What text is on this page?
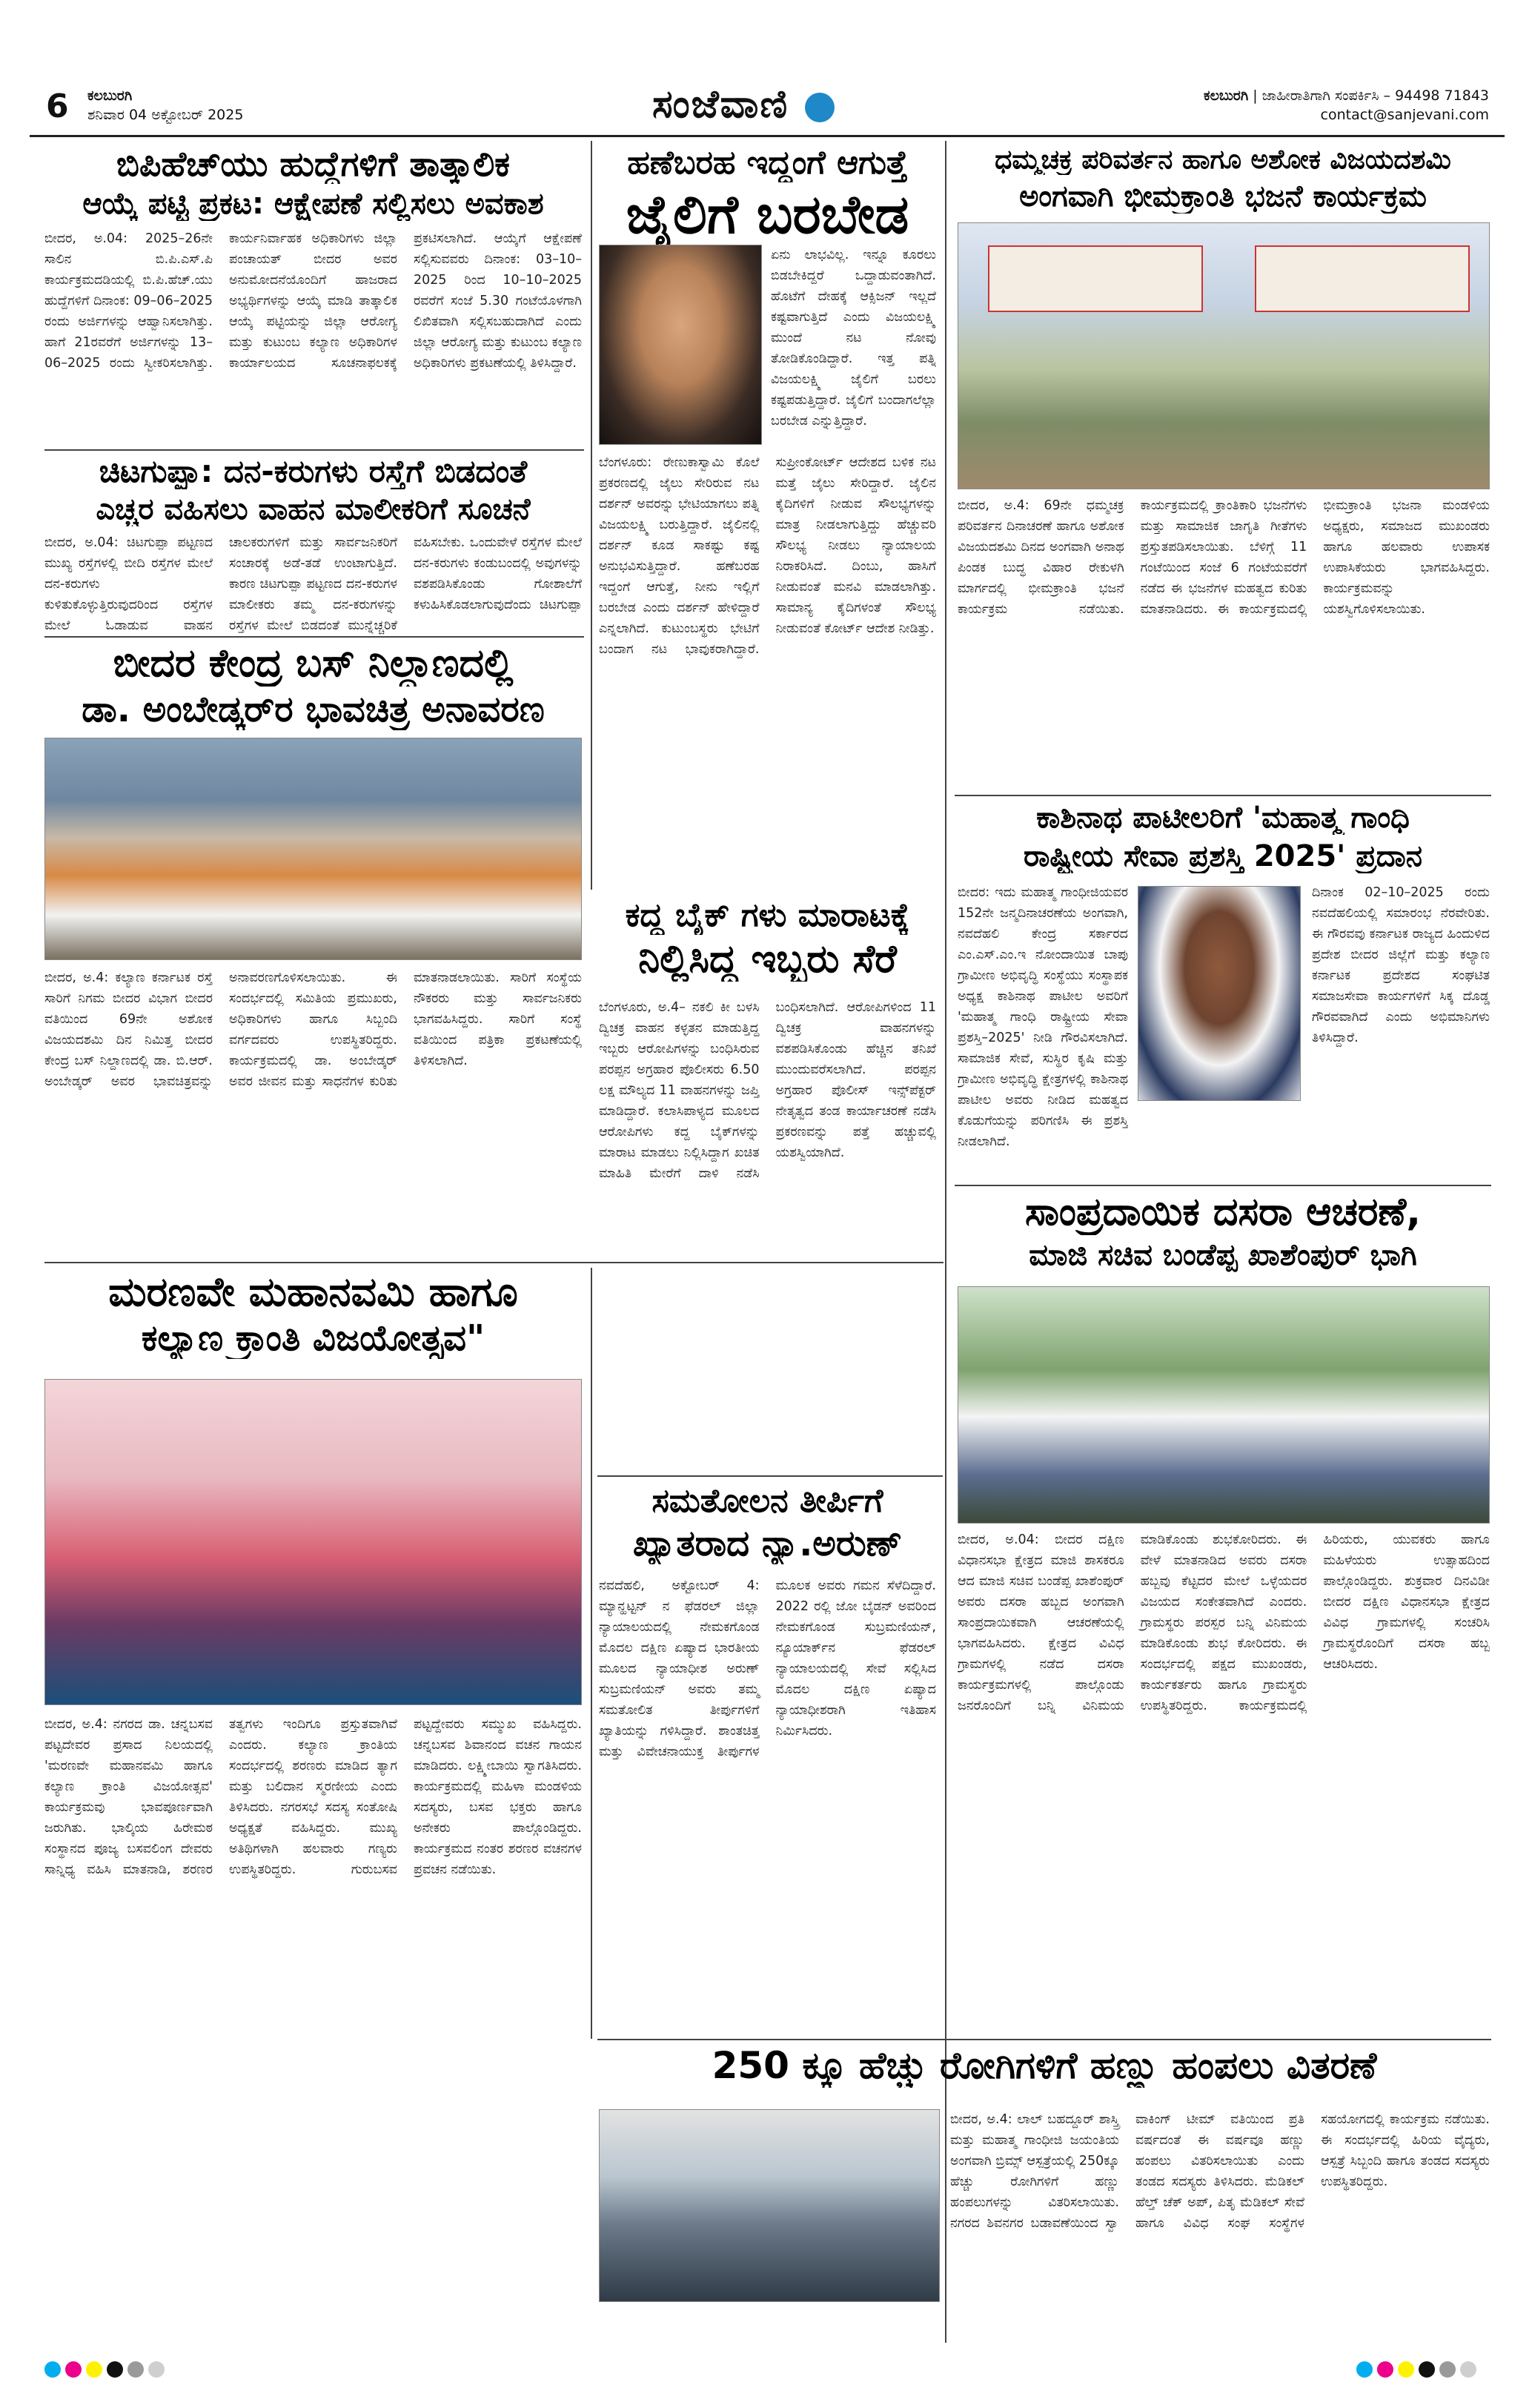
6 ಕಲಬುರಗಿ
ಶನಿವಾರ 04 ಅಕ್ಟೋಬರ್ 2025	ಸಂಜೆವಾಣಿ	ಕಲಬುರಗಿ | ಜಾಹೀರಾತಿಗಾಗಿ ಸಂಪರ್ಕಿಸಿ – 94498 71843
contact@sanjevani.com
ಬಿಪಿಹೆಚ್‌ಯು ಹುದ್ದೆಗಳಿಗೆ ತಾತ್ಕಾಲಿಕ
ಆಯ್ಕೆ ಪಟ್ಟಿ ಪ್ರಕಟ: ಆಕ್ಷೇಪಣೆ ಸಲ್ಲಿಸಲು ಅವಕಾಶ
ಬೀದರ, ಅ.04: 2025–26ನೇ ಸಾಲಿನ ಬಿ.ಪಿ.ಎಸ್.ಪಿ ಕಾರ್ಯಕ್ರಮದಡಿಯಲ್ಲಿ ಬಿ.ಪಿ.ಹೆಚ್.ಯು ಹುದ್ದೆಗಳಿಗೆ ದಿನಾಂಕ: 09–06–2025 ರಂದು ಅರ್ಜಿಗಳನ್ನು ಆಹ್ವಾನಿಸಲಾಗಿತ್ತು. ಹಾಗೆ 21ರವರೆಗೆ ಅರ್ಜಿಗಳನ್ನು 13–06–2025 ರಂದು ಸ್ವೀಕರಿಸಲಾಗಿತ್ತು. ಕಾರ್ಯನಿರ್ವಾಹಕ ಅಧಿಕಾರಿಗಳು ಜಿಲ್ಲಾ ಪಂಚಾಯತ್ ಬೀದರ ಅವರ ಅನುಮೋದನೆಯೊಂದಿಗೆ ಹಾಜರಾದ ಅಭ್ಯರ್ಥಿಗಳನ್ನು ಆಯ್ಕೆ ಮಾಡಿ ತಾತ್ಕಾಲಿಕ ಆಯ್ಕೆ ಪಟ್ಟಿಯನ್ನು ಜಿಲ್ಲಾ ಆರೋಗ್ಯ ಮತ್ತು ಕುಟುಂಬ ಕಲ್ಯಾಣ ಅಧಿಕಾರಿಗಳ ಕಾರ್ಯಾಲಯದ ಸೂಚನಾಫಲಕಕ್ಕೆ ಪ್ರಕಟಿಸಲಾಗಿದೆ. ಆಯ್ಕೆಗೆ ಆಕ್ಷೇಪಣೆ ಸಲ್ಲಿಸುವವರು ದಿನಾಂಕ: 03–10–2025 ರಿಂದ 10–10–2025 ರವರೆಗೆ ಸಂಜೆ 5.30 ಗಂಟೆಯೊಳಗಾಗಿ ಲಿಖಿತವಾಗಿ ಸಲ್ಲಿಸಬಹುದಾಗಿದೆ ಎಂದು ಜಿಲ್ಲಾ ಆರೋಗ್ಯ ಮತ್ತು ಕುಟುಂಬ ಕಲ್ಯಾಣ ಅಧಿಕಾರಿಗಳು ಪ್ರಕಟಣೆಯಲ್ಲಿ ತಿಳಿಸಿದ್ದಾರೆ.
ಚಿಟಗುಪ್ಪಾ: ದನ-ಕರುಗಳು ರಸ್ತೆಗೆ ಬಿಡದಂತೆ
ಎಚ್ಚರ ವಹಿಸಲು ವಾಹನ ಮಾಲೀಕರಿಗೆ ಸೂಚನೆ
ಬೀದರ, ಅ.04: ಚಿಟಗುಪ್ಪಾ ಪಟ್ಟಣದ ಮುಖ್ಯ ರಸ್ತೆಗಳಲ್ಲಿ ಬೀದಿ ರಸ್ತೆಗಳ ಮೇಲೆ ದನ-ಕರುಗಳು ಕುಳಿತುಕೊಳ್ಳುತ್ತಿರುವುದರಿಂದ ರಸ್ತೆಗಳ ಮೇಲೆ ಓಡಾಡುವ ವಾಹನ ಚಾಲಕರುಗಳಿಗೆ ಮತ್ತು ಸಾರ್ವಜನಿಕರಿಗೆ ಸಂಚಾರಕ್ಕೆ ಅಡೆ-ತಡೆ ಉಂಟಾಗುತ್ತಿದೆ. ಕಾರಣ ಚಿಟಗುಪ್ಪಾ ಪಟ್ಟಣದ ದನ-ಕರುಗಳ ಮಾಲೀಕರು ತಮ್ಮ ದನ-ಕರುಗಳನ್ನು ರಸ್ತೆಗಳ ಮೇಲೆ ಬಿಡದಂತೆ ಮುನ್ನೆಚ್ಚರಿಕೆ ವಹಿಸಬೇಕು. ಒಂದುವೇಳೆ ರಸ್ತೆಗಳ ಮೇಲೆ ದನ-ಕರುಗಳು ಕಂಡುಬಂದಲ್ಲಿ ಅವುಗಳನ್ನು ವಶಪಡಿಸಿಕೊಂಡು ಗೋಶಾಲೆಗೆ ಕಳುಹಿಸಿಕೊಡಲಾಗುವುದೆಂದು ಚಿಟಗುಪ್ಪಾ
ಹಣೆಬರಹ ಇದ್ದಂಗೆ ಆಗುತ್ತೆ
ಜೈಲಿಗೆ ಬರಬೇಡ
ಏನು ಲಾಭವಿಲ್ಲ. ಇನ್ನೂ ಕೂರಲು ಬಿಡಬೇಕಿದ್ದರೆ ಒದ್ದಾಡುವಂತಾಗಿದೆ. ಹೊಟೆಗೆ ದೇಹಕ್ಕೆ ಆಕ್ಸಿಜನ್ ಇಲ್ಲದೆ ಕಷ್ಟವಾಗುತ್ತಿದೆ ಎಂದು ವಿಜಯಲಕ್ಷ್ಮಿ ಮುಂದೆ ನಟ ನೋವು ತೋಡಿಕೊಂಡಿದ್ದಾರೆ. ಇತ್ತ ಪತ್ನಿ ವಿಜಯಲಕ್ಷ್ಮಿ ಜೈಲಿಗೆ ಬರಲು ಕಷ್ಟಪಡುತ್ತಿದ್ದಾರೆ. ಜೈಲಿಗೆ ಬಂದಾಗಲೆಲ್ಲಾ ಬರಬೇಡ ಎನ್ನುತ್ತಿದ್ದಾರೆ.
ಬೆಂಗಳೂರು: ರೇಣುಕಾಸ್ವಾಮಿ ಕೊಲೆ ಪ್ರಕರಣದಲ್ಲಿ ಜೈಲು ಸೇರಿರುವ ನಟ ದರ್ಶನ್ ಅವರನ್ನು ಭೇಟಿಯಾಗಲು ಪತ್ನಿ ವಿಜಯಲಕ್ಷ್ಮಿ ಬರುತ್ತಿದ್ದಾರೆ. ಜೈಲಿನಲ್ಲಿ ದರ್ಶನ್ ಕೂಡ ಸಾಕಷ್ಟು ಕಷ್ಟ ಅನುಭವಿಸುತ್ತಿದ್ದಾರೆ. ಹಣೆಬರಹ ಇದ್ದಂಗೆ ಆಗುತ್ತೆ, ನೀನು ಇಲ್ಲಿಗೆ ಬರಬೇಡ ಎಂದು ದರ್ಶನ್ ಹೇಳಿದ್ದಾರೆ ಎನ್ನಲಾಗಿದೆ. ಕುಟುಂಬಸ್ಥರು ಭೇಟಿಗೆ ಬಂದಾಗ ನಟ ಭಾವುಕರಾಗಿದ್ದಾರೆ. ಸುಪ್ರೀಂಕೋರ್ಟ್ ಆದೇಶದ ಬಳಿಕ ನಟ ಮತ್ತೆ ಜೈಲು ಸೇರಿದ್ದಾರೆ. ಜೈಲಿನ ಕೈದಿಗಳಿಗೆ ನೀಡುವ ಸೌಲಭ್ಯಗಳನ್ನು ಮಾತ್ರ ನೀಡಲಾಗುತ್ತಿದ್ದು ಹೆಚ್ಚುವರಿ ಸೌಲಭ್ಯ ನೀಡಲು ನ್ಯಾಯಾಲಯ ನಿರಾಕರಿಸಿದೆ. ದಿಂಬು, ಹಾಸಿಗೆ ನೀಡುವಂತೆ ಮನವಿ ಮಾಡಲಾಗಿತ್ತು. ಸಾಮಾನ್ಯ ಕೈದಿಗಳಂತೆ ಸೌಲಭ್ಯ ನೀಡುವಂತೆ ಕೋರ್ಟ್ ಆದೇಶ ನೀಡಿತ್ತು.
ಧಮ್ಮಚಕ್ರ ಪರಿವರ್ತನ ಹಾಗೂ ಅಶೋಕ ವಿಜಯದಶಮಿ
ಅಂಗವಾಗಿ ಭೀಮಕ್ರಾಂತಿ ಭಜನೆ ಕಾರ್ಯಕ್ರಮ
ಬೀದರ, ಅ.4: 69ನೇ ಧಮ್ಮಚಕ್ರ ಪರಿವರ್ತನ ದಿನಾಚರಣೆ ಹಾಗೂ ಅಶೋಕ ವಿಜಯದಶಮಿ ದಿನದ ಅಂಗವಾಗಿ ಅನಾಥ ಪಿಂಡಕ ಬುದ್ಧ ವಿಹಾರ ರೇಕುಳಗಿ ಮಾರ್ಗದಲ್ಲಿ ಭೀಮಕ್ರಾಂತಿ ಭಜನೆ ಕಾರ್ಯಕ್ರಮ ನಡೆಯಿತು. ಕಾರ್ಯಕ್ರಮದಲ್ಲಿ ಕ್ರಾಂತಿಕಾರಿ ಭಜನೆಗಳು ಮತ್ತು ಸಾಮಾಜಿಕ ಜಾಗೃತಿ ಗೀತೆಗಳು ಪ್ರಸ್ತುತಪಡಿಸಲಾಯಿತು. ಬೆಳಿಗ್ಗೆ 11 ಗಂಟೆಯಿಂದ ಸಂಜೆ 6 ಗಂಟೆಯವರೆಗೆ ನಡೆದ ಈ ಭಜನೆಗಳ ಮಹತ್ವದ ಕುರಿತು ಮಾತನಾಡಿದರು. ಈ ಕಾರ್ಯಕ್ರಮದಲ್ಲಿ ಭೀಮಕ್ರಾಂತಿ ಭಜನಾ ಮಂಡಳಿಯ ಅಧ್ಯಕ್ಷರು, ಸಮಾಜದ ಮುಖಂಡರು ಹಾಗೂ ಹಲವಾರು ಉಪಾಸಕ ಉಪಾಸಿಕೆಯರು ಭಾಗವಹಿಸಿದ್ದರು. ಕಾರ್ಯಕ್ರಮವನ್ನು ಯಶಸ್ವಿಗೊಳಿಸಲಾಯಿತು.
ಬೀದರ ಕೇಂದ್ರ ಬಸ್ ನಿಲ್ದಾಣದಲ್ಲಿ
ಡಾ. ಅಂಬೇಡ್ಕರ್‌ರ ಭಾವಚಿತ್ರ ಅನಾವರಣ
ಬೀದರ, ಅ.4: ಕಲ್ಯಾಣ ಕರ್ನಾಟಕ ರಸ್ತೆ ಸಾರಿಗೆ ನಿಗಮ ಬೀದರ ವಿಭಾಗ ಬೀದರ ವತಿಯಿಂದ 69ನೇ ಅಶೋಕ ವಿಜಯದಶಮಿ ದಿನ ನಿಮಿತ್ತ ಬೀದರ ಕೇಂದ್ರ ಬಸ್ ನಿಲ್ದಾಣದಲ್ಲಿ ಡಾ. ಬಿ.ಆರ್. ಅಂಬೇಡ್ಕರ್ ಅವರ ಭಾವಚಿತ್ರವನ್ನು ಅನಾವರಣಗೊಳಿಸಲಾಯಿತು. ಈ ಸಂದರ್ಭದಲ್ಲಿ ಸಮಿತಿಯ ಪ್ರಮುಖರು, ಅಧಿಕಾರಿಗಳು ಹಾಗೂ ಸಿಬ್ಬಂದಿ ವರ್ಗದವರು ಉಪಸ್ಥಿತರಿದ್ದರು. ಕಾರ್ಯಕ್ರಮದಲ್ಲಿ ಡಾ. ಅಂಬೇಡ್ಕರ್ ಅವರ ಜೀವನ ಮತ್ತು ಸಾಧನೆಗಳ ಕುರಿತು ಮಾತನಾಡಲಾಯಿತು. ಸಾರಿಗೆ ಸಂಸ್ಥೆಯ ನೌಕರರು ಮತ್ತು ಸಾರ್ವಜನಿಕರು ಭಾಗವಹಿಸಿದ್ದರು. ಸಾರಿಗೆ ಸಂಸ್ಥೆ ವತಿಯಿಂದ ಪತ್ರಿಕಾ ಪ್ರಕಟಣೆಯಲ್ಲಿ ತಿಳಿಸಲಾಗಿದೆ.
ಕದ್ದ ಬೈಕ್ ಗಳು ಮಾರಾಟಕ್ಕೆ
ನಿಲ್ಲಿಸಿದ್ದ ಇಬ್ಬರು ಸೆರೆ
ಬೆಂಗಳೂರು, ಅ.4– ನಕಲಿ ಕೀ ಬಳಸಿ ದ್ವಿಚಕ್ರ ವಾಹನ ಕಳ್ಳತನ ಮಾಡುತ್ತಿದ್ದ ಇಬ್ಬರು ಆರೋಪಿಗಳನ್ನು ಬಂಧಿಸಿರುವ ಪರಪ್ಪನ ಅಗ್ರಹಾರ ಪೊಲೀಸರು 6.50 ಲಕ್ಷ ಮೌಲ್ಯದ 11 ವಾಹನಗಳನ್ನು ಜಪ್ತಿ ಮಾಡಿದ್ದಾರೆ. ಕಲಾಸಿಪಾಳ್ಯದ ಮೂಲದ ಆರೋಪಿಗಳು ಕದ್ದ ಬೈಕ್‌ಗಳನ್ನು ಮಾರಾಟ ಮಾಡಲು ನಿಲ್ಲಿಸಿದ್ದಾಗ ಖಚಿತ ಮಾಹಿತಿ ಮೇರೆಗೆ ದಾಳಿ ನಡೆಸಿ ಬಂಧಿಸಲಾಗಿದೆ. ಆರೋಪಿಗಳಿಂದ 11 ದ್ವಿಚಕ್ರ ವಾಹನಗಳನ್ನು ವಶಪಡಿಸಿಕೊಂಡು ಹೆಚ್ಚಿನ ತನಿಖೆ ಮುಂದುವರೆಸಲಾಗಿದೆ. ಪರಪ್ಪನ ಅಗ್ರಹಾರ ಪೊಲೀಸ್ ಇನ್ಸ್‌ಪೆಕ್ಟರ್ ನೇತೃತ್ವದ ತಂಡ ಕಾರ್ಯಾಚರಣೆ ನಡೆಸಿ ಪ್ರಕರಣವನ್ನು ಪತ್ತೆ ಹಚ್ಚುವಲ್ಲಿ ಯಶಸ್ವಿಯಾಗಿದೆ.
ಕಾಶಿನಾಥ ಪಾಟೀಲರಿಗೆ 'ಮಹಾತ್ಮ ಗಾಂಧಿ
ರಾಷ್ಟ್ರೀಯ ಸೇವಾ ಪ್ರಶಸ್ತಿ 2025' ಪ್ರದಾನ
ಬೀದರ: ಇದು ಮಹಾತ್ಮ ಗಾಂಧೀಜಿಯವರ 152ನೇ ಜನ್ಮದಿನಾಚರಣೆಯ ಅಂಗವಾಗಿ, ನವದೆಹಲಿ ಕೇಂದ್ರ ಸರ್ಕಾರದ ಎಂ.ಎಸ್.ಎಂ.ಇ ನೋಂದಾಯಿತ ಬಾಪು ಗ್ರಾಮೀಣ ಅಭಿವೃದ್ಧಿ ಸಂಸ್ಥೆಯು ಸಂಸ್ಥಾಪಕ ಅಧ್ಯಕ್ಷ ಕಾಶಿನಾಥ ಪಾಟೀಲ ಅವರಿಗೆ 'ಮಹಾತ್ಮ ಗಾಂಧಿ ರಾಷ್ಟ್ರೀಯ ಸೇವಾ ಪ್ರಶಸ್ತಿ–2025' ನೀಡಿ ಗೌರವಿಸಲಾಗಿದೆ. ಸಾಮಾಜಿಕ ಸೇವೆ, ಸುಸ್ಥಿರ ಕೃಷಿ ಮತ್ತು ಗ್ರಾಮೀಣ ಅಭಿವೃದ್ಧಿ ಕ್ಷೇತ್ರಗಳಲ್ಲಿ ಕಾಶಿನಾಥ ಪಾಟೀಲ ಅವರು ನೀಡಿದ ಮಹತ್ವದ ಕೊಡುಗೆಯನ್ನು ಪರಿಗಣಿಸಿ ಈ ಪ್ರಶಸ್ತಿ ನೀಡಲಾಗಿದೆ.
ದಿನಾಂಕ 02–10–2025 ರಂದು ನವದೆಹಲಿಯಲ್ಲಿ ಸಮಾರಂಭ ನೆರವೇರಿತು. ಈ ಗೌರವವು ಕರ್ನಾಟಕ ರಾಜ್ಯದ ಹಿಂದುಳಿದ ಪ್ರದೇಶ ಬೀದರ ಜಿಲ್ಲೆಗೆ ಮತ್ತು ಕಲ್ಯಾಣ ಕರ್ನಾಟಕ ಪ್ರದೇಶದ ಸಂಘಟಿತ ಸಮಾಜಸೇವಾ ಕಾರ್ಯಗಳಿಗೆ ಸಿಕ್ಕ ದೊಡ್ಡ ಗೌರವವಾಗಿದೆ ಎಂದು ಅಭಿಮಾನಿಗಳು ತಿಳಿಸಿದ್ದಾರೆ.
ಸಾಂಪ್ರದಾಯಿಕ ದಸರಾ ಆಚರಣೆ,
ಮಾಜಿ ಸಚಿವ ಬಂಡೆಪ್ಪ ಖಾಶೆಂಪುರ್ ಭಾಗಿ
ಬೀದರ, ಅ.04: ಬೀದರ ದಕ್ಷಿಣ ವಿಧಾನಸಭಾ ಕ್ಷೇತ್ರದ ಮಾಜಿ ಶಾಸಕರೂ ಆದ ಮಾಜಿ ಸಚಿವ ಬಂಡೆಪ್ಪ ಖಾಶೆಂಪುರ್ ಅವರು ದಸರಾ ಹಬ್ಬದ ಅಂಗವಾಗಿ ಸಾಂಪ್ರದಾಯಿಕವಾಗಿ ಆಚರಣೆಯಲ್ಲಿ ಭಾಗವಹಿಸಿದರು. ಕ್ಷೇತ್ರದ ವಿವಿಧ ಗ್ರಾಮಗಳಲ್ಲಿ ನಡೆದ ದಸರಾ ಕಾರ್ಯಕ್ರಮಗಳಲ್ಲಿ ಪಾಲ್ಗೊಂಡು ಜನರೊಂದಿಗೆ ಬನ್ನಿ ವಿನಿಮಯ ಮಾಡಿಕೊಂಡು ಶುಭಕೋರಿದರು. ಈ ವೇಳೆ ಮಾತನಾಡಿದ ಅವರು ದಸರಾ ಹಬ್ಬವು ಕೆಟ್ಟದರ ಮೇಲೆ ಒಳ್ಳೆಯದರ ವಿಜಯದ ಸಂಕೇತವಾಗಿದೆ ಎಂದರು. ಗ್ರಾಮಸ್ಥರು ಪರಸ್ಪರ ಬನ್ನಿ ವಿನಿಮಯ ಮಾಡಿಕೊಂಡು ಶುಭ ಕೋರಿದರು. ಈ ಸಂದರ್ಭದಲ್ಲಿ ಪಕ್ಷದ ಮುಖಂಡರು, ಕಾರ್ಯಕರ್ತರು ಹಾಗೂ ಗ್ರಾಮಸ್ಥರು ಉಪಸ್ಥಿತರಿದ್ದರು. ಕಾರ್ಯಕ್ರಮದಲ್ಲಿ ಹಿರಿಯರು, ಯುವಕರು ಹಾಗೂ ಮಹಿಳೆಯರು ಉತ್ಸಾಹದಿಂದ ಪಾಲ್ಗೊಂಡಿದ್ದರು. ಶುಕ್ರವಾರ ದಿನವಿಡೀ ಬೀದರ ದಕ್ಷಿಣ ವಿಧಾನಸಭಾ ಕ್ಷೇತ್ರದ ವಿವಿಧ ಗ್ರಾಮಗಳಲ್ಲಿ ಸಂಚರಿಸಿ ಗ್ರಾಮಸ್ಥರೊಂದಿಗೆ ದಸರಾ ಹಬ್ಬ ಆಚರಿಸಿದರು.
ಮರಣವೇ ಮಹಾನವಮಿ ಹಾಗೂ
ಕಲ್ಯಾಣ ಕ್ರಾಂತಿ ವಿಜಯೋತ್ಸವ"
ಬೀದರ, ಅ.4: ನಗರದ ಡಾ. ಚನ್ನಬಸವ ಪಟ್ಟದೇವರ ಪ್ರಸಾದ ನಿಲಯದಲ್ಲಿ 'ಮರಣವೇ ಮಹಾನವಮಿ ಹಾಗೂ ಕಲ್ಯಾಣ ಕ್ರಾಂತಿ ವಿಜಯೋತ್ಸವ' ಕಾರ್ಯಕ್ರಮವು ಭಾವಪೂರ್ಣವಾಗಿ ಜರುಗಿತು. ಭಾಲ್ಕಿಯ ಹಿರೇಮಠ ಸಂಸ್ಥಾನದ ಪೂಜ್ಯ ಬಸವಲಿಂಗ ದೇವರು ಸಾನ್ನಿಧ್ಯ ವಹಿಸಿ ಮಾತನಾಡಿ, ಶರಣರ ತತ್ವಗಳು ಇಂದಿಗೂ ಪ್ರಸ್ತುತವಾಗಿವೆ ಎಂದರು. ಕಲ್ಯಾಣ ಕ್ರಾಂತಿಯ ಸಂದರ್ಭದಲ್ಲಿ ಶರಣರು ಮಾಡಿದ ತ್ಯಾಗ ಮತ್ತು ಬಲಿದಾನ ಸ್ಮರಣೀಯ ಎಂದು ತಿಳಿಸಿದರು. ನಗರಸಭೆ ಸದಸ್ಯ ಸಂತೋಷಿ ಅಧ್ಯಕ್ಷತೆ ವಹಿಸಿದ್ದರು. ಮುಖ್ಯ ಅತಿಥಿಗಳಾಗಿ ಹಲವಾರು ಗಣ್ಯರು ಉಪಸ್ಥಿತರಿದ್ದರು. ಗುರುಬಸವ ಪಟ್ಟದ್ದೇವರು ಸಮ್ಮುಖ ವಹಿಸಿದ್ದರು. ಚನ್ನಬಸವ ಶಿವಾನಂದ ವಚನ ಗಾಯನ ಮಾಡಿದರು. ಲಕ್ಷ್ಮೀಬಾಯಿ ಸ್ವಾಗತಿಸಿದರು. ಕಾರ್ಯಕ್ರಮದಲ್ಲಿ ಮಹಿಳಾ ಮಂಡಳಿಯ ಸದಸ್ಯರು, ಬಸವ ಭಕ್ತರು ಹಾಗೂ ಅನೇಕರು ಪಾಲ್ಗೊಂಡಿದ್ದರು. ಕಾರ್ಯಕ್ರಮದ ನಂತರ ಶರಣರ ವಚನಗಳ ಪ್ರವಚನ ನಡೆಯಿತು.
ಸಮತೋಲನ ತೀರ್ಪಿಗೆ
ಖ್ಯಾತರಾದ ನ್ಯಾ.ಅರುಣ್
ನವದೆಹಲಿ, ಅಕ್ಟೋಬರ್ 4: ಮ್ಯಾನ್ಹಟ್ಟನ್ ನ ಫೆಡರಲ್ ಜಿಲ್ಲಾ ನ್ಯಾಯಾಲಯದಲ್ಲಿ ನೇಮಕಗೊಂಡ ಮೊದಲ ದಕ್ಷಿಣ ಏಷ್ಯಾದ ಭಾರತೀಯ ಮೂಲದ ನ್ಯಾಯಾಧೀಶ ಅರುಣ್ ಸುಬ್ರಮಣಿಯನ್ ಅವರು ತಮ್ಮ ಸಮತೋಲಿತ ತೀರ್ಪುಗಳಿಗೆ ಖ್ಯಾತಿಯನ್ನು ಗಳಿಸಿದ್ದಾರೆ. ಶಾಂತಚಿತ್ತ ಮತ್ತು ವಿವೇಚನಾಯುಕ್ತ ತೀರ್ಪುಗಳ ಮೂಲಕ ಅವರು ಗಮನ ಸೆಳೆದಿದ್ದಾರೆ. 2022 ರಲ್ಲಿ ಜೋ ಬೈಡನ್ ಅವರಿಂದ ನೇಮಕಗೊಂಡ ಸುಬ್ರಮಣಿಯನ್, ನ್ಯೂಯಾರ್ಕ್‌ನ ಫೆಡರಲ್ ನ್ಯಾಯಾಲಯದಲ್ಲಿ ಸೇವೆ ಸಲ್ಲಿಸಿದ ಮೊದಲ ದಕ್ಷಿಣ ಏಷ್ಯಾದ ನ್ಯಾಯಾಧೀಶರಾಗಿ ಇತಿಹಾಸ ನಿರ್ಮಿಸಿದರು.
250 ಕ್ಕೂ ಹೆಚ್ಚು ರೋಗಿಗಳಿಗೆ ಹಣ್ಣು ಹಂಪಲು ವಿತರಣೆ
ಬೀದರ, ಅ.4: ಲಾಲ್ ಬಹದ್ದೂರ್ ಶಾಸ್ತ್ರಿ ಮತ್ತು ಮಹಾತ್ಮ ಗಾಂಧೀಜಿ ಜಯಂತಿಯ ಅಂಗವಾಗಿ ಬ್ರಿಮ್ಸ್ ಆಸ್ಪತ್ರೆಯಲ್ಲಿ 250ಕ್ಕೂ ಹೆಚ್ಚು ರೋಗಿಗಳಿಗೆ ಹಣ್ಣು ಹಂಪಲುಗಳನ್ನು ವಿತರಿಸಲಾಯಿತು. ನಗರದ ಶಿವನಗರ ಬಡಾವಣೆಯಿಂದ ಸ್ವಾ ವಾಕಿಂಗ್ ಟೀಮ್ ವತಿಯಿಂದ ಪ್ರತಿ ವರ್ಷದಂತೆ ಈ ವರ್ಷವೂ ಹಣ್ಣು ಹಂಪಲು ವಿತರಿಸಲಾಯಿತು ಎಂದು ತಂಡದ ಸದಸ್ಯರು ತಿಳಿಸಿದರು. ಮೆಡಿಕಲ್ ಹೆಲ್ತ್ ಚೆಕ್ ಅಪ್, ಪಿತೃ ಮೆಡಿಕಲ್ ಸೇವೆ ಹಾಗೂ ವಿವಿಧ ಸಂಘ ಸಂಸ್ಥೆಗಳ ಸಹಯೋಗದಲ್ಲಿ ಕಾರ್ಯಕ್ರಮ ನಡೆಯಿತು. ಈ ಸಂದರ್ಭದಲ್ಲಿ ಹಿರಿಯ ವೈದ್ಯರು, ಆಸ್ಪತ್ರೆ ಸಿಬ್ಬಂದಿ ಹಾಗೂ ತಂಡದ ಸದಸ್ಯರು ಉಪಸ್ಥಿತರಿದ್ದರು.
